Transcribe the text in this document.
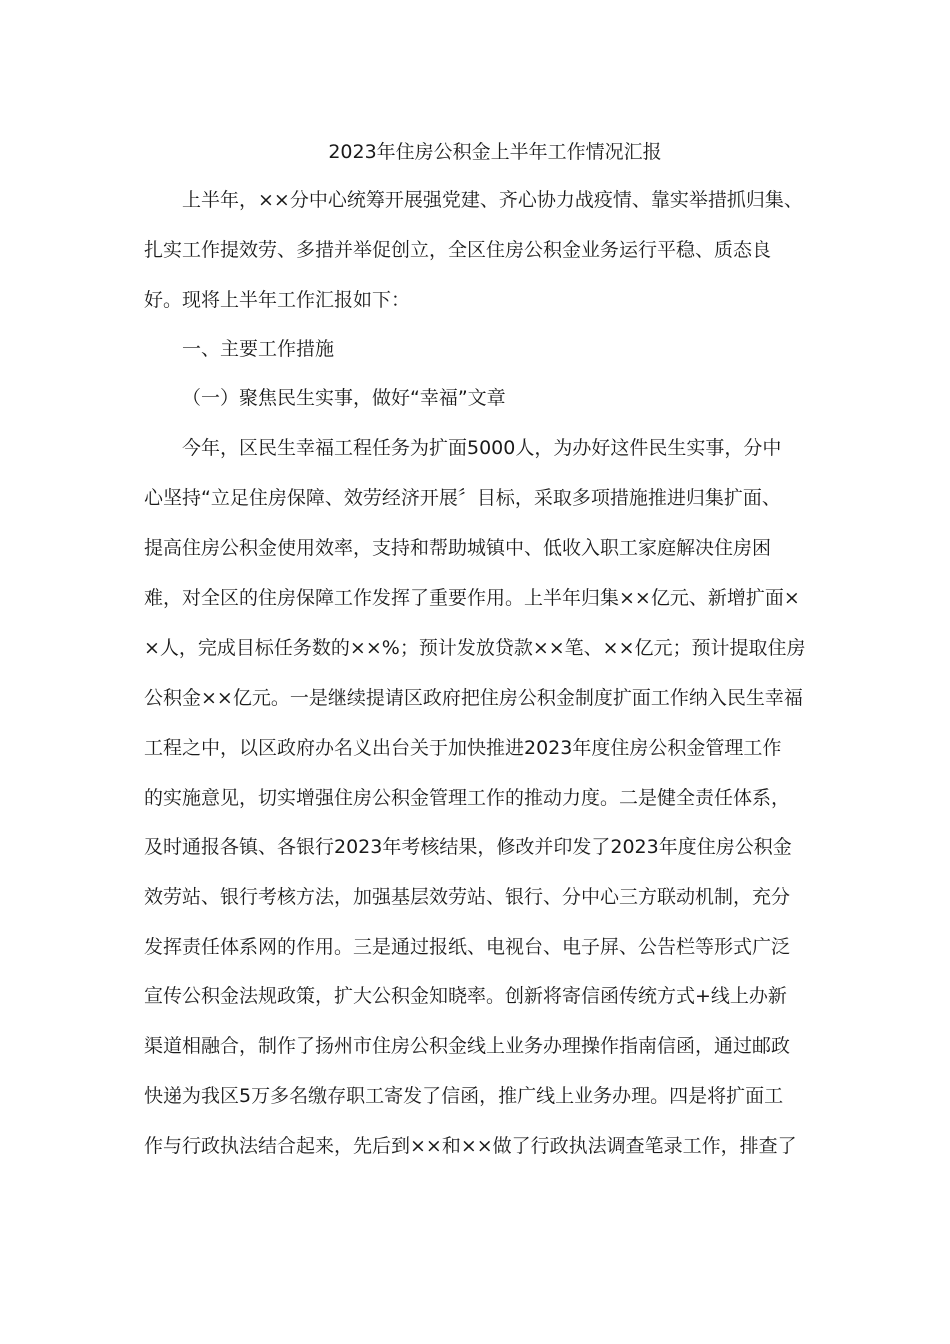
2023年住房公积金上半年工作情况汇报
上半年，××分中心统筹开展强党建、齐心协力战疫情、靠实举措抓归集、
扎实工作提效劳、多措并举促创立，全区住房公积金业务运行平稳、质态良
好。现将上半年工作汇报如下：
一、主要工作措施
（一）聚焦民生实事，做好“幸福”文章
今年，区民生幸福工程任务为扩面5000人，为办好这件民生实事，分中
心坚持“立足住房保障、效劳经济开展〞目标，采取多项措施推进归集扩面、
提高住房公积金使用效率，支持和帮助城镇中、低收入职工家庭解决住房困
难，对全区的住房保障工作发挥了重要作用。上半年归集××亿元、新增扩面×
×人，完成目标任务数的××%；预计发放贷款××笔、××亿元；预计提取住房
公积金××亿元。一是继续提请区政府把住房公积金制度扩面工作纳入民生幸福
工程之中，以区政府办名义出台关于加快推进2023年度住房公积金管理工作
的实施意见，切实增强住房公积金管理工作的推动力度。二是健全责任体系，
及时通报各镇、各银行2023年考核结果，修改并印发了2023年度住房公积金
效劳站、银行考核方法，加强基层效劳站、银行、分中心三方联动机制，充分
发挥责任体系网的作用。三是通过报纸、电视台、电子屏、公告栏等形式广泛
宣传公积金法规政策，扩大公积金知晓率。创新将寄信函传统方式+线上办新
渠道相融合，制作了扬州市住房公积金线上业务办理操作指南信函，通过邮政
快递为我区5万多名缴存职工寄发了信函，推广线上业务办理。四是将扩面工
作与行政执法结合起来，先后到××和××做了行政执法调查笔录工作，排查了
